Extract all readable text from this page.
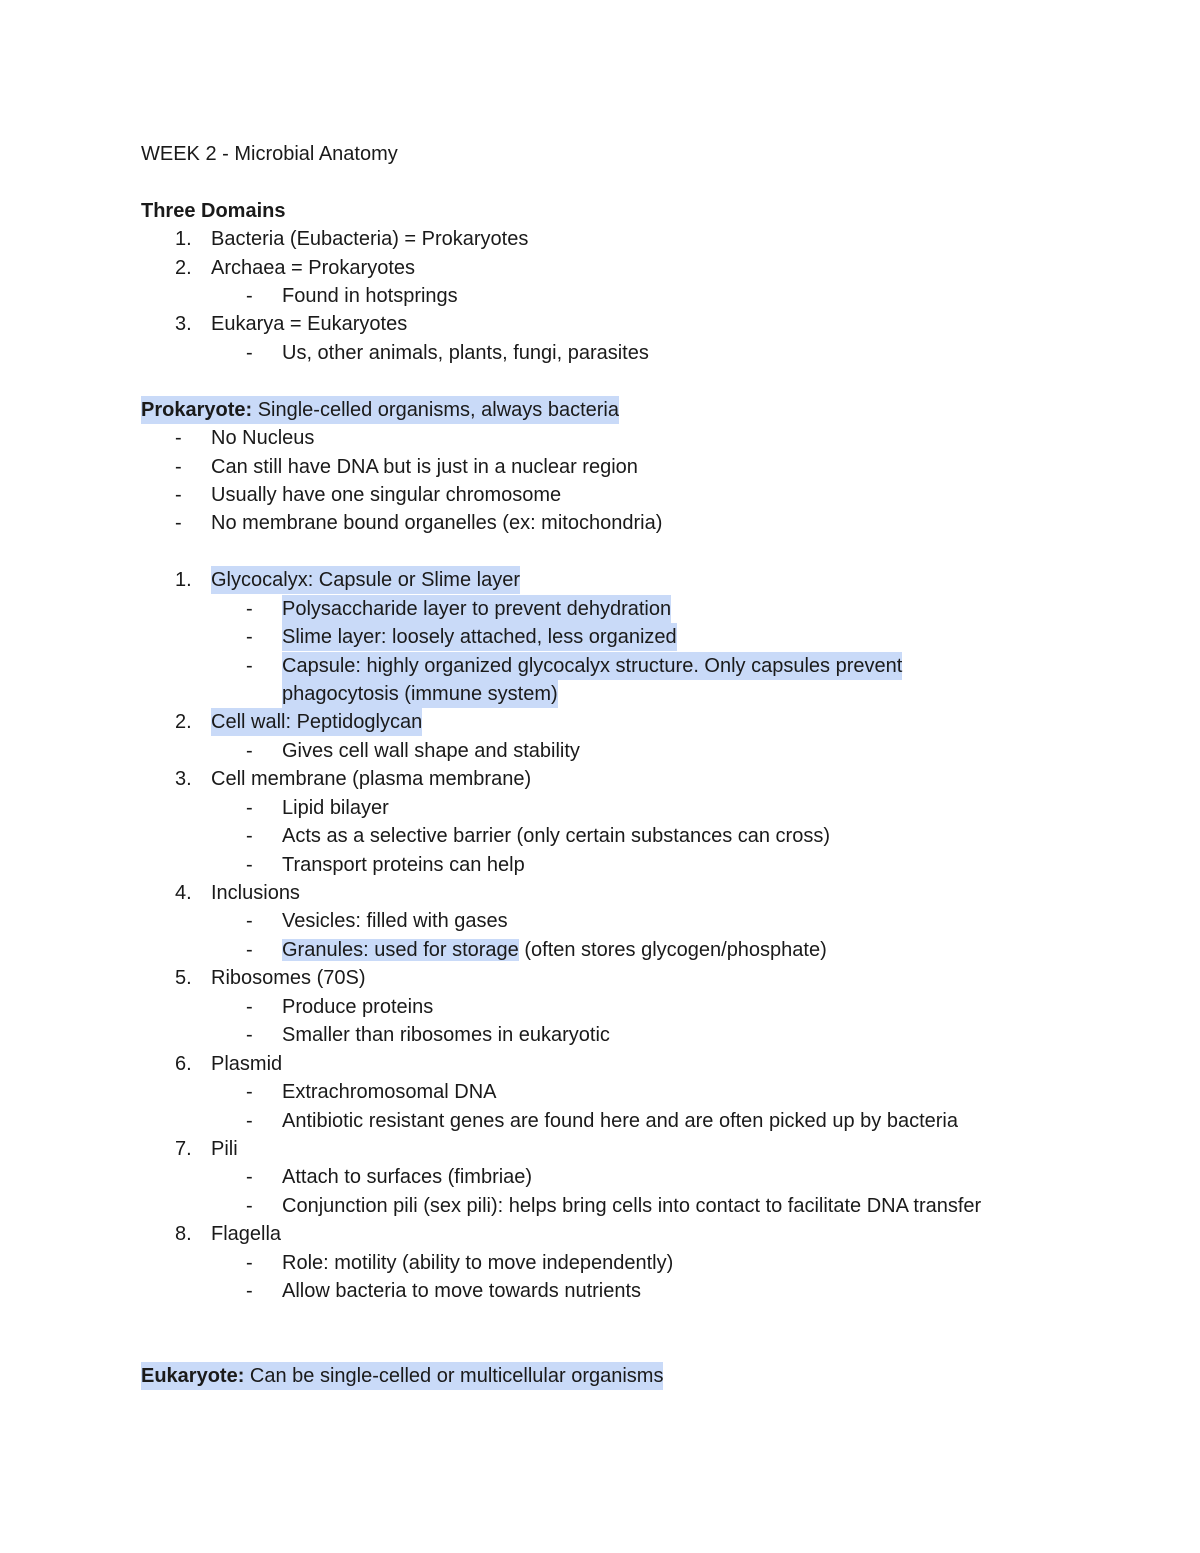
WEEK 2 - Microbial Anatomy
Three Domains
1. Bacteria (Eubacteria) = Prokaryotes
2. Archaea = Prokaryotes
- Found in hotsprings
3. Eukarya = Eukaryotes
- Us, other animals, plants, fungi, parasites
Prokaryote: Single-celled organisms, always bacteria
- No Nucleus
- Can still have DNA but is just in a nuclear region
- Usually have one singular chromosome
- No membrane bound organelles (ex: mitochondria)
1. Glycocalyx: Capsule or Slime layer
- Polysaccharide layer to prevent dehydration
- Slime layer: loosely attached, less organized
- Capsule: highly organized glycocalyx structure. Only capsules prevent
phagocytosis (immune system)
2. Cell wall: Peptidoglycan
- Gives cell wall shape and stability
3. Cell membrane (plasma membrane)
- Lipid bilayer
- Acts as a selective barrier (only certain substances can cross)
- Transport proteins can help
4. Inclusions
- Vesicles: filled with gases
- Granules: used for storage (often stores glycogen/phosphate)
5. Ribosomes (70S)
- Produce proteins
- Smaller than ribosomes in eukaryotic
6. Plasmid
- Extrachromosomal DNA
- Antibiotic resistant genes are found here and are often picked up by bacteria
7. Pili
- Attach to surfaces (fimbriae)
- Conjunction pili (sex pili): helps bring cells into contact to facilitate DNA transfer
8. Flagella
- Role: motility (ability to move independently)
- Allow bacteria to move towards nutrients
Eukaryote: Can be single-celled or multicellular organisms
